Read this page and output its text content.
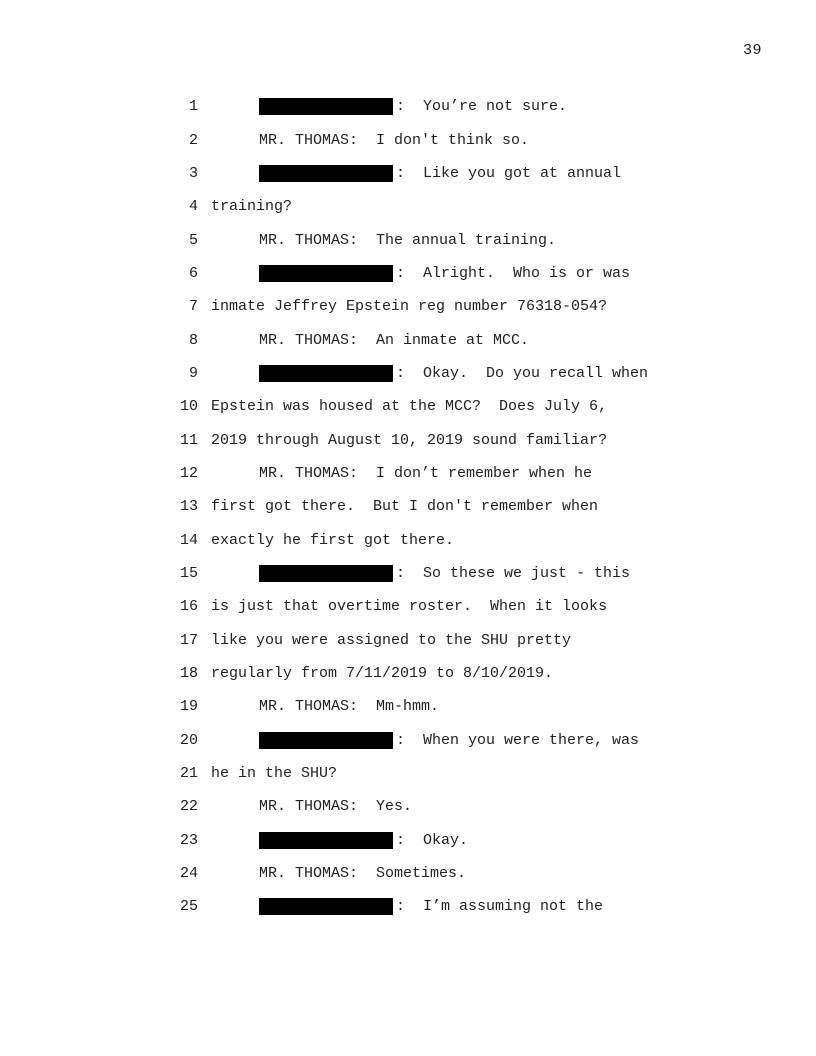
39
1	:  You’re not sure.
2	MR. THOMAS:  I don't think so.
3	:  Like you got at annual
4 training?
5	MR. THOMAS:  The annual training.
6	:  Alright.  Who is or was
7 inmate Jeffrey Epstein reg number 76318-054?
8	MR. THOMAS:  An inmate at MCC.
9	:  Okay.  Do you recall when
10 Epstein was housed at the MCC?  Does July 6,
11 2019 through August 10, 2019 sound familiar?
12	MR. THOMAS:  I don’t remember when he
13 first got there.  But I don't remember when
14 exactly he first got there.
15	:  So these we just - this
16 is just that overtime roster.  When it looks
17 like you were assigned to the SHU pretty
18 regularly from 7/11/2019 to 8/10/2019.
19	MR. THOMAS:  Mm-hmm.
20	:  When you were there, was
21 he in the SHU?
22	MR. THOMAS:  Yes.
23	:  Okay.
24	MR. THOMAS:  Sometimes.
25	:  I’m assuming not the
